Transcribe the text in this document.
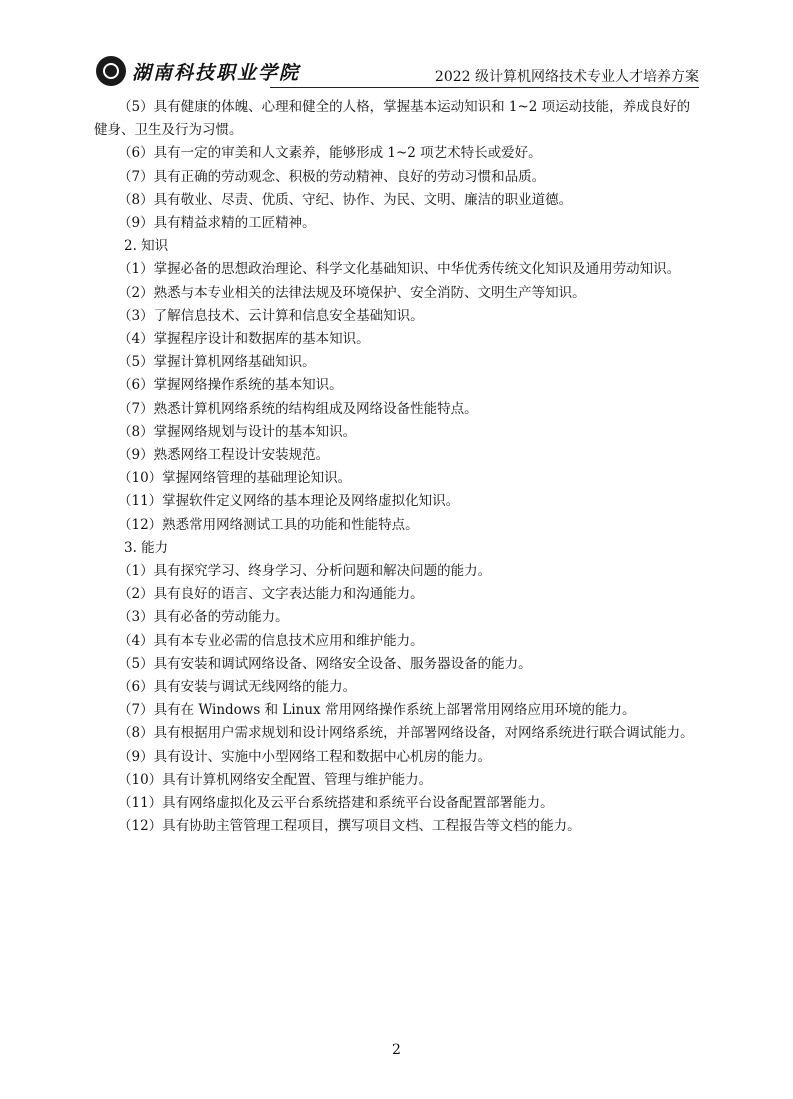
湖南科技职业学院	2022 级计算机网络技术专业人才培养方案
（5）具有健康的体魄、心理和健全的人格，掌握基本运动知识和 1~2 项运动技能，养成良好的
健身、卫生及行为习惯。
（6）具有一定的审美和人文素养，能够形成 1~2 项艺术特长或爱好。
（7）具有正确的劳动观念、积极的劳动精神、良好的劳动习惯和品质。
（8）具有敬业、尽责、优质、守纪、协作、为民、文明、廉洁的职业道德。
（9）具有精益求精的工匠精神。
2. 知识
（1）掌握必备的思想政治理论、科学文化基础知识、中华优秀传统文化知识及通用劳动知识。
（2）熟悉与本专业相关的法律法规及环境保护、安全消防、文明生产等知识。
（3）了解信息技术、云计算和信息安全基础知识。
（4）掌握程序设计和数据库的基本知识。
（5）掌握计算机网络基础知识。
（6）掌握网络操作系统的基本知识。
（7）熟悉计算机网络系统的结构组成及网络设备性能特点。
（8）掌握网络规划与设计的基本知识。
（9）熟悉网络工程设计安装规范。
（10）掌握网络管理的基础理论知识。
（11）掌握软件定义网络的基本理论及网络虚拟化知识。
（12）熟悉常用网络测试工具的功能和性能特点。
3. 能力
（1）具有探究学习、终身学习、分析问题和解决问题的能力。
（2）具有良好的语言、文字表达能力和沟通能力。
（3）具有必备的劳动能力。
（4）具有本专业必需的信息技术应用和维护能力。
（5）具有安装和调试网络设备、网络安全设备、服务器设备的能力。
（6）具有安装与调试无线网络的能力。
（7）具有在 Windows 和 Linux 常用网络操作系统上部署常用网络应用环境的能力。
（8）具有根据用户需求规划和设计网络系统，并部署网络设备，对网络系统进行联合调试能力。
（9）具有设计、实施中小型网络工程和数据中心机房的能力。
（10）具有计算机网络安全配置、管理与维护能力。
（11）具有网络虚拟化及云平台系统搭建和系统平台设备配置部署能力。
（12）具有协助主管管理工程项目，撰写项目文档、工程报告等文档的能力。
2
